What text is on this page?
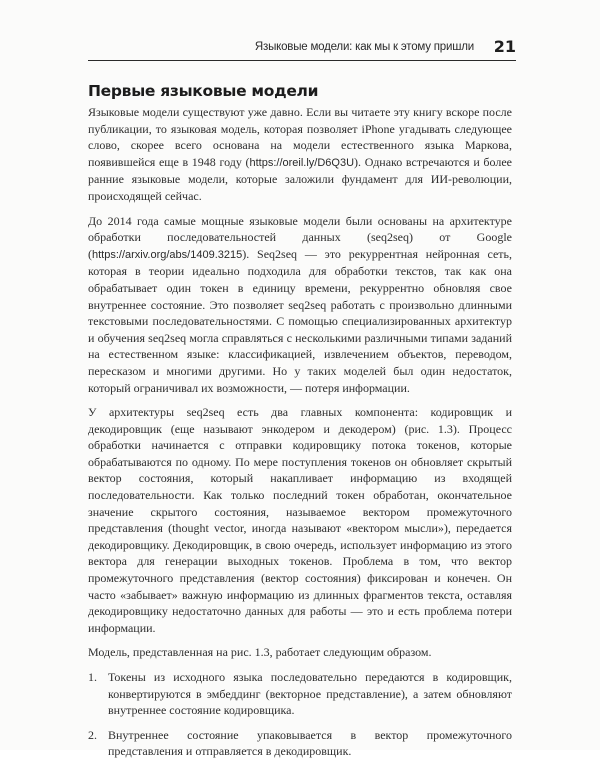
Языковые модели: как мы к этому пришли 21
Первые языковые модели

Языковые модели существуют уже давно. Если вы читаете эту книгу вскоре после публикации, то языковая модель, которая позволяет iPhone угадывать следующее слово, скорее всего основана на модели естественного языка Маркова, появившейся еще в 1948 году (https://oreil.ly/D6Q3U). Однако встречаются и более ранние языковые модели, которые заложили фундамент для ИИ-революции, происходящей сейчас.

До 2014 года самые мощные языковые модели были основаны на архитектуре обработки последовательностей данных (seq2seq) от Google (https://arxiv.org/abs/1409.3215). Seq2seq — это рекуррентная нейронная сеть, которая в теории идеально подходила для обработки текстов, так как она обрабатывает один токен в единицу времени, рекуррентно обновляя свое внутреннее состояние. Это позволяет seq2seq работать с произвольно длинными текстовыми последовательностями. С помощью специализированных архитектур и обучения seq2seq могла справляться с несколькими различными типами заданий на естественном языке: классификацией, извлечением объектов, переводом, пересказом и многими другими. Но у таких моделей был один недостаток, который ограничивал их возможности, — потеря информации.

У архитектуры seq2seq есть два главных компонента: кодировщик и декодировщик (еще называют энкодером и декодером) (рис. 1.3). Процесс обработки начинается с отправки кодировщику потока токенов, которые обрабатываются по одному. По мере поступления токенов он обновляет скрытый вектор состояния, который накапливает информацию из входящей последовательности. Как только последний токен обработан, окончательное значение скрытого состояния, называемое вектором промежуточного представления (thought vector, иногда называют «вектором мысли»), передается декодировщику. Декодировщик, в свою очередь, использует информацию из этого вектора для генерации выходных токенов. Проблема в том, что вектор промежуточного представления (вектор состояния) фиксирован и конечен. Он часто «забывает» важную информацию из длинных фрагментов текста, оставляя декодировщику недостаточно данных для работы — это и есть проблема потери информации.

Модель, представленная на рис. 1.3, работает следующим образом.

1. Токены из исходного языка последовательно передаются в кодировщик, конвертируются в эмбеддинг (векторное представление), а затем обновляют внутреннее состояние кодировщика.
2. Внутреннее состояние упаковывается в вектор промежуточного представления и отправляется в декодировщик.
